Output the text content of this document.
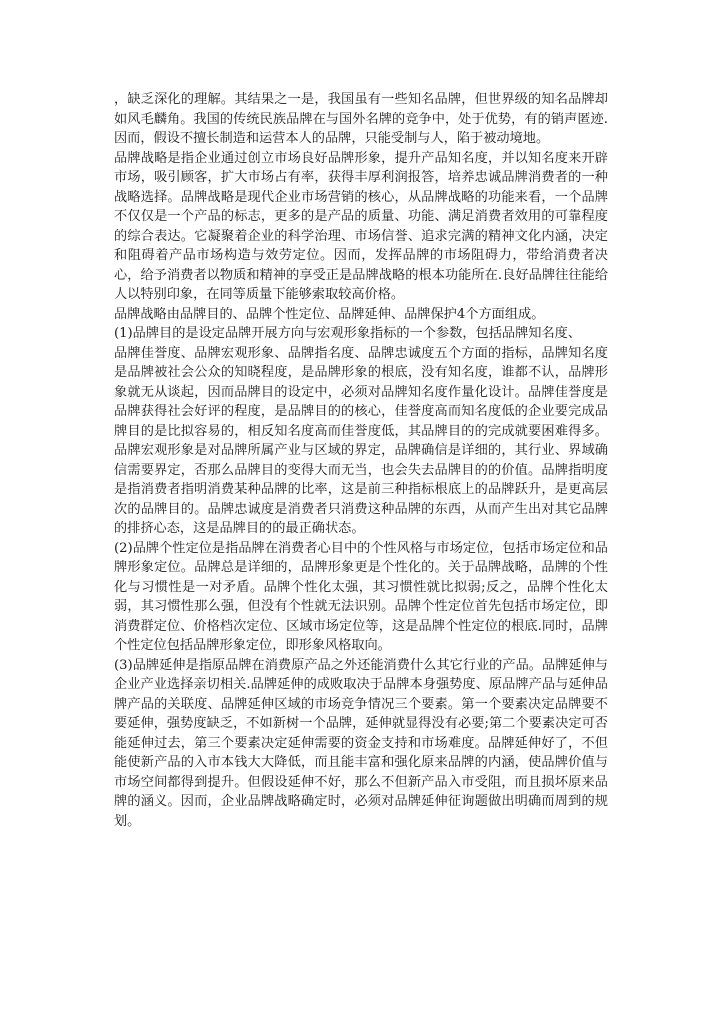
，缺乏深化的理解。其结果之一是，我国虽有一些知名品牌，但世界级的知名品牌却如风毛麟角。我国的传统民族品牌在与国外名牌的竞争中，处于优势，有的销声匿迹.因而，假设不擅长制造和运营本人的品牌，只能受制与人，陷于被动境地。

品牌战略是指企业通过创立市场良好品牌形象，提升产品知名度，并以知名度来开辟市场，吸引顾客，扩大市场占有率，获得丰厚利润报答，培养忠诚品牌消费者的一种战略选择。品牌战略是现代企业市场营销的核心，从品牌战略的功能来看，一个品牌不仅仅是一个产品的标志，更多的是产品的质量、功能、满足消费者效用的可靠程度的综合表达。它凝聚着企业的科学治理、市场信誉、追求完满的精神文化内涵，决定和阻碍着产品市场构造与效劳定位。因而，发挥品牌的市场阻碍力，带给消费者决心，给予消费者以物质和精神的享受正是品牌战略的根本功能所在.良好品牌往往能给人以特别印象，在同等质量下能够索取较高价格。

品牌战略由品牌目的、品牌个性定位、品牌延伸、品牌保护4个方面组成。

(1)品牌目的是设定品牌开展方向与宏观形象指标的一个参数，包括品牌知名度、

品牌佳誉度、品牌宏观形象、品牌指名度、品牌忠诚度五个方面的指标，品牌知名度是品牌被社会公众的知晓程度，是品牌形象的根底，没有知名度，谁都不认，品牌形象就无从谈起，因而品牌目的设定中，必须对品牌知名度作量化设计。品牌佳誉度是品牌获得社会好评的程度，是品牌目的的核心，佳誉度高而知名度低的企业要完成品牌目的是比拟容易的，相反知名度高而佳誉度低，其品牌目的的完成就要困难得多。品牌宏观形象是对品牌所属产业与区域的界定，品牌确信是详细的，其行业、界域确信需要界定，否那么品牌目的变得大而无当，也会失去品牌目的的价值。品牌指明度是指消费者指明消费某种品牌的比率，这是前三种指标根底上的品牌跃升，是更高层次的品牌目的。品牌忠诚度是消费者只消费这种品牌的东西，从而产生出对其它品牌的排挤心态，这是品牌目的的最正确状态。

(2)品牌个性定位是指品牌在消费者心目中的个性风格与市场定位，包括市场定位和品牌形象定位。品牌总是详细的，品牌形象更是个性化的。关于品牌战略，品牌的个性化与习惯性是一对矛盾。品牌个性化太强，其习惯性就比拟弱;反之，品牌个性化太弱，其习惯性那么强，但没有个性就无法识别。品牌个性定位首先包括市场定位，即消费群定位、价格档次定位、区域市场定位等，这是品牌个性定位的根底.同时，品牌个性定位包括品牌形象定位，即形象风格取向。

(3)品牌延伸是指原品牌在消费原产品之外还能消费什么其它行业的产品。品牌延伸与企业产业选择亲切相关.品牌延伸的成败取决于品牌本身强势度、原品牌产品与延伸品牌产品的关联度、品牌延伸区域的市场竞争情况三个要素。第一个要素决定品牌要不要延伸，强势度缺乏，不如新树一个品牌，延伸就显得没有必要;第二个要素决定可否能延伸过去，第三个要素决定延伸需要的资金支持和市场难度。品牌延伸好了，不但能使新产品的入市本钱大大降低，而且能丰富和强化原来品牌的内涵，使品牌价值与市场空间都得到提升。但假设延伸不好，那么不但新产品入市受阻，而且损坏原来品牌的涵义。因而，企业品牌战略确定时，必须对品牌延伸征询题做出明确而周到的规划。
